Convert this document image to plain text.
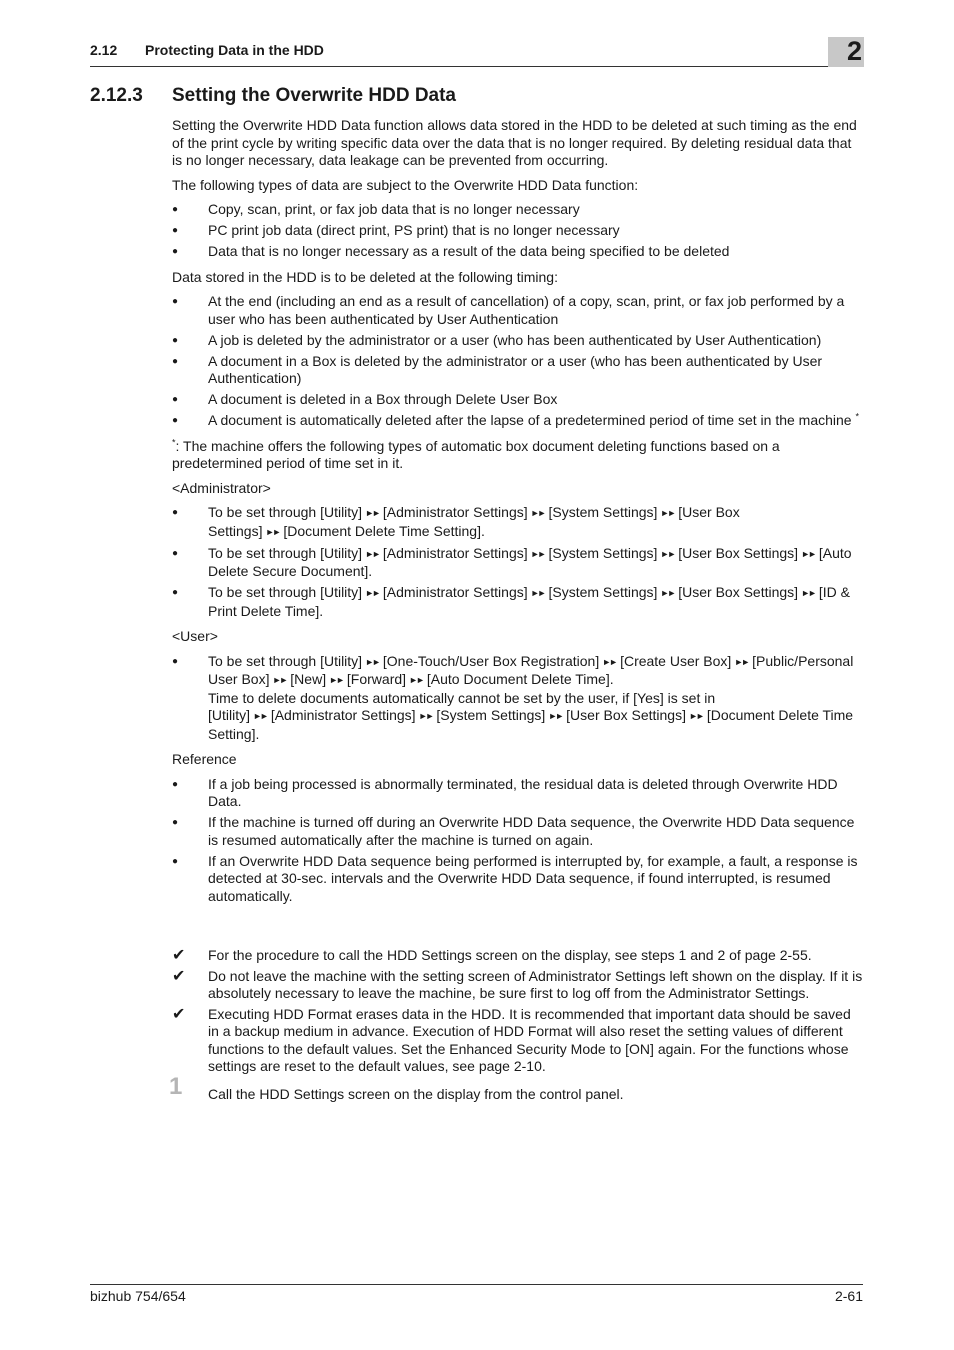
2.12 Protecting Data in the HDD	2
2.12.3 Setting the Overwrite HDD Data

Setting the Overwrite HDD Data function allows data stored in the HDD to be deleted at such timing as the end of the print cycle by writing specific data over the data that is no longer required. By deleting residual data that is no longer necessary, data leakage can be prevented from occurring.

The following types of data are subject to the Overwrite HDD Data function:

● Copy, scan, print, or fax job data that is no longer necessary
● PC print job data (direct print, PS print) that is no longer necessary
● Data that is no longer necessary as a result of the data being specified to be deleted

Data stored in the HDD is to be deleted at the following timing:

● At the end (including an end as a result of cancellation) of a copy, scan, print, or fax job performed by a user who has been authenticated by User Authentication
● A job is deleted by the administrator or a user (who has been authenticated by User Authentication)
● A document in a Box is deleted by the administrator or a user (who has been authenticated by User Authentication)
● A document is deleted in a Box through Delete User Box
● A document is automatically deleted after the lapse of a predetermined period of time set in the machine *

*: The machine offers the following types of automatic box document deleting functions based on a predetermined period of time set in it.

<Administrator>

● To be set through [Utility] ►► [Administrator Settings] ►► [System Settings] ►► [User Box Settings] ►► [Document Delete Time Setting].
● To be set through [Utility] ►► [Administrator Settings] ►► [System Settings] ►► [User Box Settings] ►► [Auto Delete Secure Document].
● To be set through [Utility] ►► [Administrator Settings] ►► [System Settings] ►► [User Box Settings] ►► [ID & Print Delete Time].

<User>

● To be set through [Utility] ►► [One-Touch/User Box Registration] ►► [Create User Box] ►► [Public/Personal User Box] ►► [New] ►► [Forward] ►► [Auto Document Delete Time].
Time to delete documents automatically cannot be set by the user, if [Yes] is set in [Utility] ►► [Administrator Settings] ►► [System Settings] ►► [User Box Settings] ►► [Document Delete Time Setting].

Reference

● If a job being processed is abnormally terminated, the residual data is deleted through Overwrite HDD Data.
● If the machine is turned off during an Overwrite HDD Data sequence, the Overwrite HDD Data sequence is resumed automatically after the machine is turned on again.
● If an Overwrite HDD Data sequence being performed is interrupted by, for example, a fault, a response is detected at 30-sec. intervals and the Overwrite HDD Data sequence, if found interrupted, is resumed automatically.
✔ For the procedure to call the HDD Settings screen on the display, see steps 1 and 2 of page 2-55.
✔ Do not leave the machine with the setting screen of Administrator Settings left shown on the display. If it is absolutely necessary to leave the machine, be sure first to log off from the Administrator Settings.
✔ Executing HDD Format erases data in the HDD. It is recommended that important data should be saved in a backup medium in advance. Execution of HDD Format will also reset the setting values of different functions to the default values. Set the Enhanced Security Mode to [ON] again. For the functions whose settings are reset to the default values, see page 2-10.
1 Call the HDD Settings screen on the display from the control panel.
bizhub 754/654	2-61
